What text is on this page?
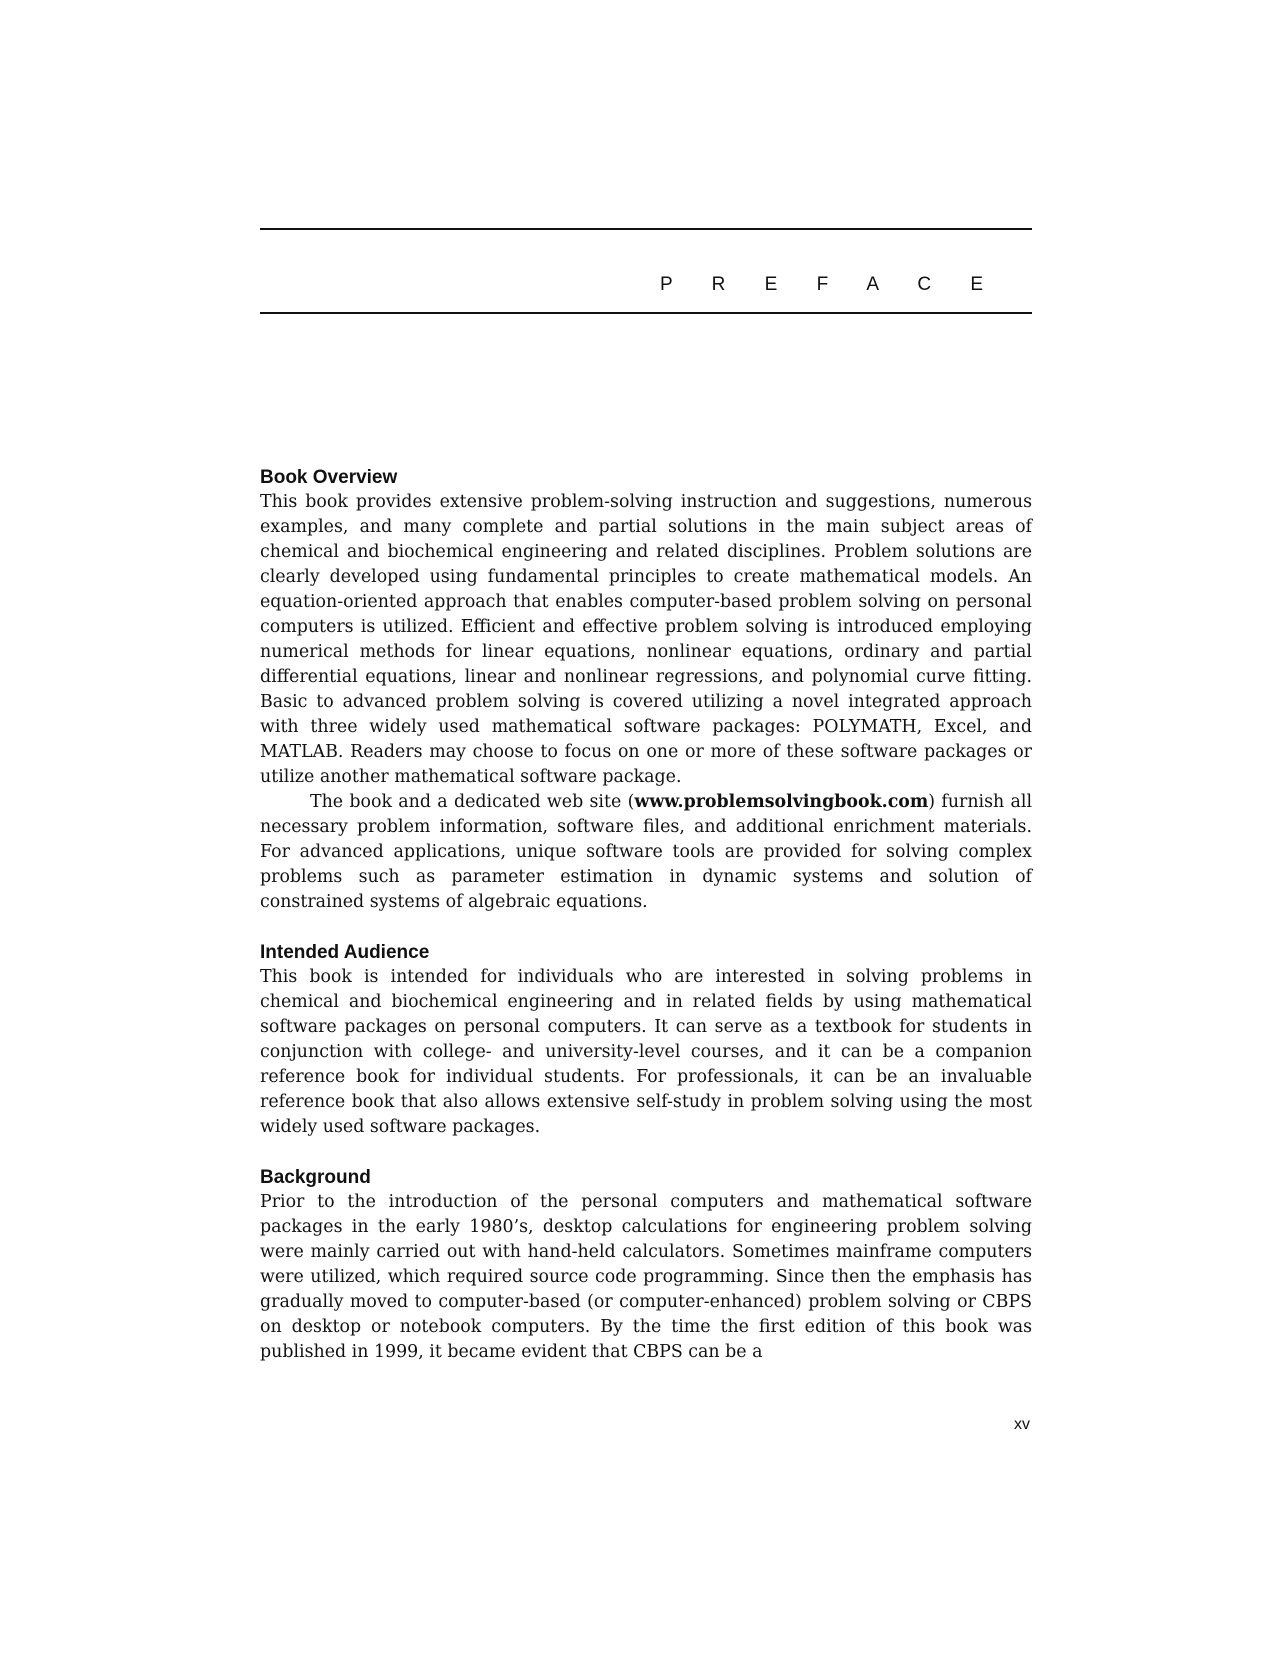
P R E F A C E
Book Overview

This book provides extensive problem-solving instruction and suggestions, numerous examples, and many complete and partial solutions in the main subject areas of chemical and biochemical engineering and related disciplines. Problem solutions are clearly developed using fundamental principles to create mathematical models. An equation-oriented approach that enables computer-based problem solving on personal computers is utilized. Efficient and effective problem solving is introduced employing numerical methods for linear equations, nonlinear equations, ordinary and partial differential equations, linear and nonlinear regressions, and polynomial curve fitting. Basic to advanced problem solving is covered utilizing a novel integrated approach with three widely used mathematical software packages: POLYMATH, Excel, and MATLAB. Readers may choose to focus on one or more of these software packages or utilize another mathematical software package.

The book and a dedicated web site (www.problemsolvingbook.com) furnish all necessary problem information, software files, and additional enrichment materials. For advanced applications, unique software tools are provided for solving complex problems such as parameter estimation in dynamic systems and solution of constrained systems of algebraic equations.

Intended Audience

This book is intended for individuals who are interested in solving problems in chemical and biochemical engineering and in related fields by using mathematical software packages on personal computers. It can serve as a textbook for students in conjunction with college- and university-level courses, and it can be a companion reference book for individual students. For professionals, it can be an invaluable reference book that also allows extensive self-study in problem solving using the most widely used software packages.

Background

Prior to the introduction of the personal computers and mathematical software packages in the early 1980’s, desktop calculations for engineering problem solving were mainly carried out with hand-held calculators. Sometimes mainframe computers were utilized, which required source code programming. Since then the emphasis has gradually moved to computer-based (or computer-enhanced) problem solving or CBPS on desktop or notebook computers. By the time the first edition of this book was published in 1999, it became evident that CBPS can be a

xv
